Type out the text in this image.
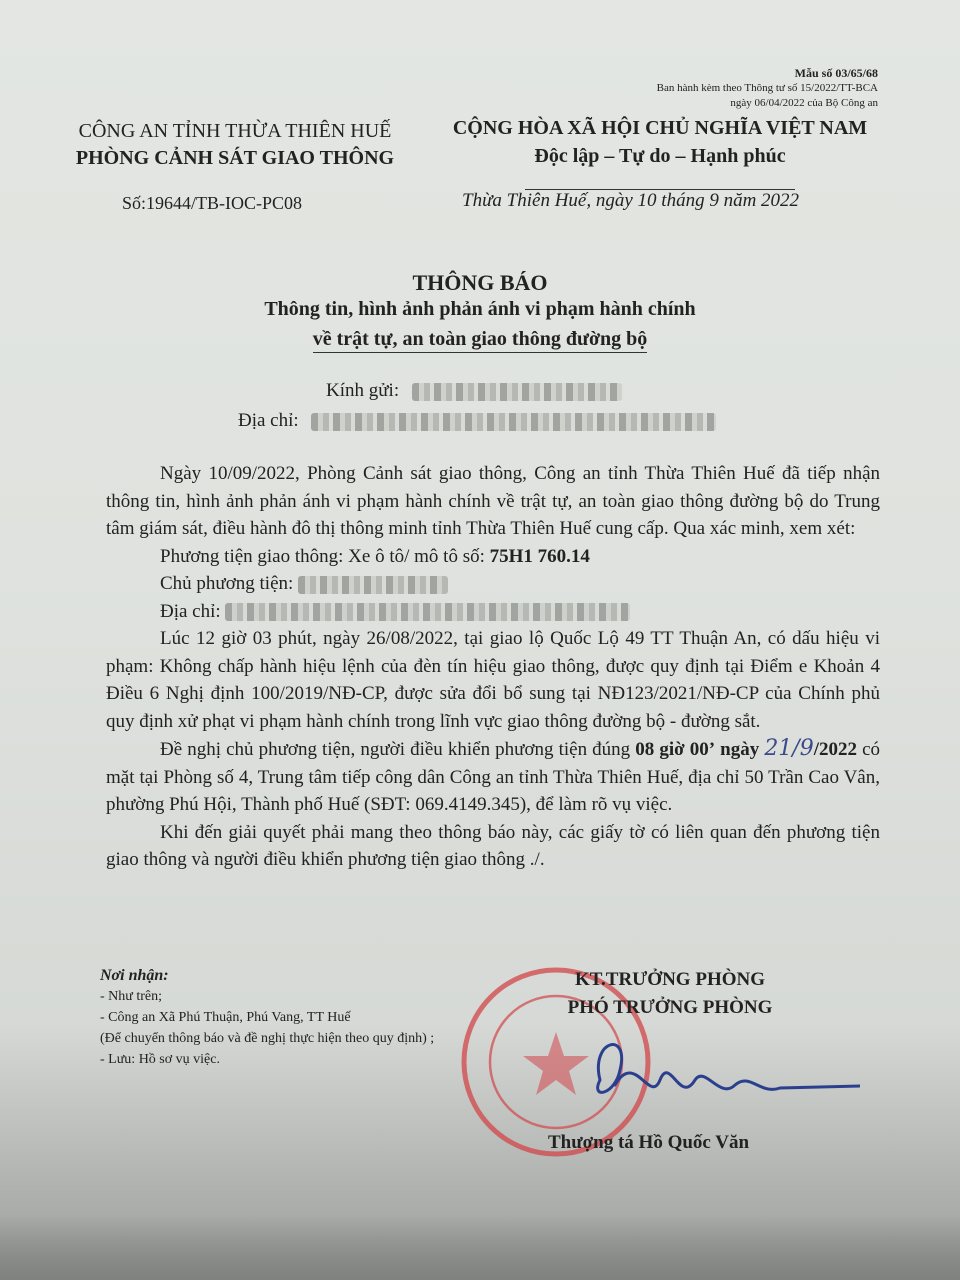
Mẫu số 03/65/68
Ban hành kèm theo Thông tư số 15/2022/TT-BCA
ngày 06/04/2022 của Bộ Công an
CÔNG AN TỈNH THỪA THIÊN HUẾ
PHÒNG CẢNH SÁT GIAO THÔNG
CỘNG HÒA XÃ HỘI CHỦ NGHĨA VIỆT NAM
Độc lập – Tự do – Hạnh phúc
Số:19644/TB-IOC-PC08	Thừa Thiên Huế, ngày 10 tháng 9 năm 2022
THÔNG BÁO
Thông tin, hình ảnh phản ánh vi phạm hành chính
về trật tự, an toàn giao thông đường bộ
Kính gửi:
Địa chỉ:

Ngày 10/09/2022, Phòng Cảnh sát giao thông, Công an tỉnh Thừa Thiên Huế đã tiếp nhận thông tin, hình ảnh phản ánh vi phạm hành chính về trật tự, an toàn giao thông đường bộ do Trung tâm giám sát, điều hành đô thị thông minh tỉnh Thừa Thiên Huế cung cấp. Qua xác minh, xem xét:

Phương tiện giao thông: Xe ô tô/ mô tô số: 75H1 760.14

Chủ phương tiện:

Địa chỉ:

Lúc 12 giờ 03 phút, ngày 26/08/2022, tại giao lộ Quốc Lộ 49 TT Thuận An, có dấu hiệu vi phạm: Không chấp hành hiệu lệnh của đèn tín hiệu giao thông, được quy định tại Điểm e Khoản 4 Điều 6 Nghị định 100/2019/NĐ-CP, được sửa đổi bổ sung tại NĐ123/2021/NĐ-CP của Chính phủ quy định xử phạt vi phạm hành chính trong lĩnh vực giao thông đường bộ - đường sắt.

Đề nghị chủ phương tiện, người điều khiển phương tiện đúng 08 giờ 00’ ngày 21/9/2022 có mặt tại Phòng số 4, Trung tâm tiếp công dân Công an tỉnh Thừa Thiên Huế, địa chỉ 50 Trần Cao Vân, phường Phú Hội, Thành phố Huế (SĐT: 069.4149.345), để làm rõ vụ việc.

Khi đến giải quyết phải mang theo thông báo này, các giấy tờ có liên quan đến phương tiện giao thông và người điều khiển phương tiện giao thông ./.

Nơi nhận:
- Như trên;
- Công an Xã Phú Thuận, Phú Vang, TT Huế
(Để chuyển thông báo và đề nghị thực hiện theo quy định) ;
- Lưu: Hồ sơ vụ việc.
KT.TRƯỞNG PHÒNG
PHÓ TRƯỞNG PHÒNG
Thượng tá Hồ Quốc Văn
